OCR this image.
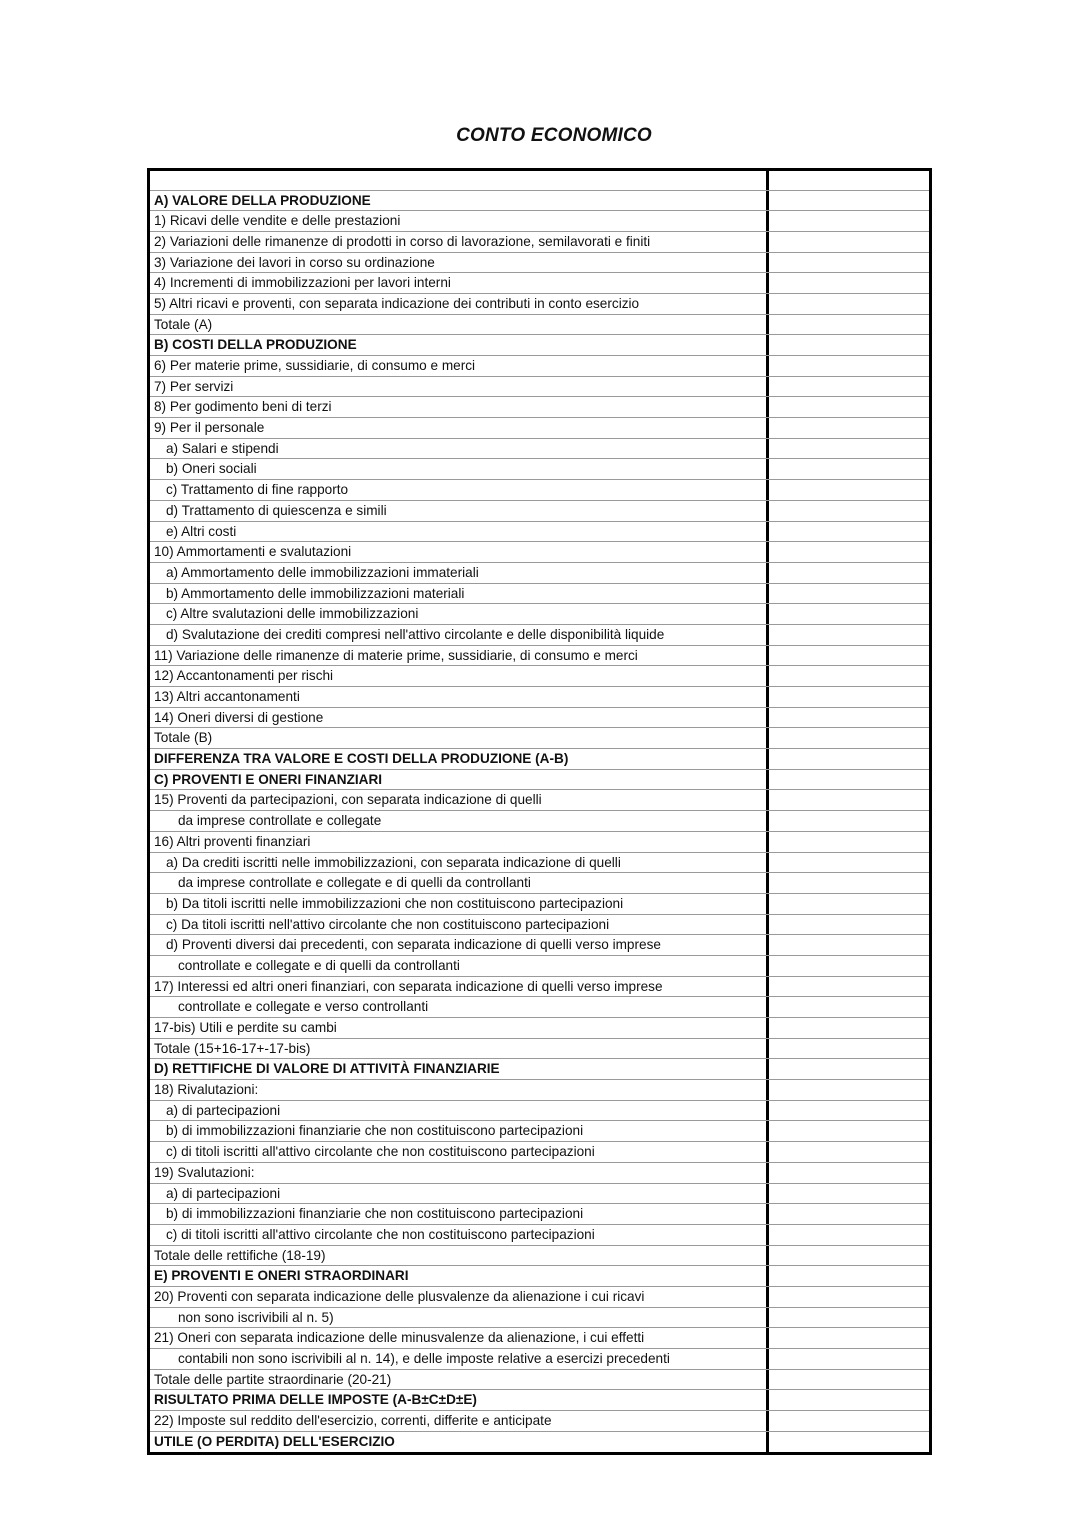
CONTO ECONOMICO
A) VALORE DELLA PRODUZIONE
1) Ricavi delle vendite e delle prestazioni
2) Variazioni delle rimanenze di prodotti in corso di lavorazione, semilavorati e finiti
3) Variazione dei lavori in corso su ordinazione
4) Incrementi di immobilizzazioni per lavori interni
5) Altri ricavi e proventi, con separata indicazione dei contributi in conto esercizio
Totale (A)
B) COSTI DELLA PRODUZIONE
6) Per materie prime, sussidiarie, di consumo e merci
7) Per servizi
8) Per godimento beni di terzi
9) Per il personale
a) Salari e stipendi
b) Oneri sociali
c) Trattamento di fine rapporto
d) Trattamento di quiescenza e simili
e) Altri costi
10) Ammortamenti e svalutazioni
a) Ammortamento delle immobilizzazioni immateriali
b) Ammortamento delle immobilizzazioni materiali
c) Altre svalutazioni delle immobilizzazioni
d) Svalutazione dei crediti compresi nell'attivo circolante e delle disponibilità liquide
11) Variazione delle rimanenze di materie prime, sussidiarie, di consumo e merci
12) Accantonamenti per rischi
13) Altri accantonamenti
14) Oneri diversi di gestione
Totale (B)
DIFFERENZA TRA VALORE E COSTI DELLA PRODUZIONE (A-B)
C) PROVENTI E ONERI FINANZIARI
15) Proventi da partecipazioni, con separata indicazione di quelli
da imprese controllate e collegate
16) Altri proventi finanziari
a) Da crediti iscritti nelle immobilizzazioni, con separata indicazione di quelli
da imprese controllate e collegate e di quelli da controllanti
b) Da titoli iscritti nelle immobilizzazioni che non costituiscono partecipazioni
c) Da titoli iscritti nell'attivo circolante che non costituiscono partecipazioni
d) Proventi diversi dai precedenti, con separata indicazione di quelli verso imprese
controllate e collegate e di quelli da controllanti
17) Interessi ed altri oneri finanziari, con separata indicazione di quelli verso imprese
controllate e collegate e verso controllanti
17-bis) Utili e perdite su cambi
Totale (15+16-17+-17-bis)
D) RETTIFICHE DI VALORE DI ATTIVITÀ FINANZIARIE
18) Rivalutazioni:
a) di partecipazioni
b) di immobilizzazioni finanziarie che non costituiscono partecipazioni
c) di titoli iscritti all'attivo circolante che non costituiscono partecipazioni
19) Svalutazioni:
a) di partecipazioni
b) di immobilizzazioni finanziarie che non costituiscono partecipazioni
c) di titoli iscritti all'attivo circolante che non costituiscono partecipazioni
Totale delle rettifiche (18-19)
E) PROVENTI E ONERI STRAORDINARI
20) Proventi con separata indicazione delle plusvalenze da alienazione i cui ricavi
non sono iscrivibili al n. 5)
21) Oneri con separata indicazione delle minusvalenze da alienazione, i cui effetti
contabili non sono iscrivibili al n. 14), e delle imposte relative a esercizi precedenti
Totale delle partite straordinarie (20-21)
RISULTATO PRIMA DELLE IMPOSTE (A-B±C±D±E)
22) Imposte sul reddito dell'esercizio, correnti, differite e anticipate
UTILE (O PERDITA) DELL'ESERCIZIO
